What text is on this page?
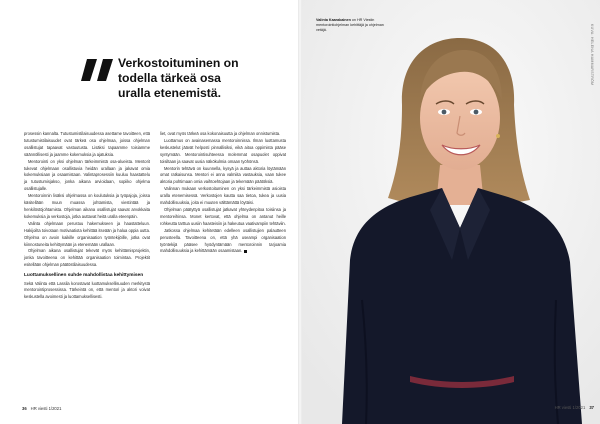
Verkostoituminen on todella tärkeä osa uralla etenemistä.

prosessin kannalta. Tutustumistilaisuudessa asettame tavoitteen, että tutustumistilaisuudet ovat tärkeä osa ohjelmaa, joissa ohjelman osallistujat tapaavat vastuutusta. Lisäksi tapaamme toisiamme säännöllisesti ja jaamme kokemuksia ja ajatuksia.

Mentorointi on yksi ohjelman tärkeimmistä osa-alueista. Mentorit tukevat ohjelmaan osallistuvia heidän urallaan ja jakavat omia kokemuksiaan ja osaamistaan. Valintaprosessiin kuuluu haastattelu ja tutustumisjakso, jonka aikana arvioidaan, sopiiko ohjelma osallistujalle.

Mentoroinnin lisäksi ohjelmassa on koulutuksia ja työpajoja, joissa käsitellään muun muassa johtamista, viestintää ja henkilöstöjohtamista. Ohjelman aikana osallistujat saavat arvokkaita kokemuksia ja verkostoja, jotka auttavat heitä uralla eteenpäin.

Valinta ohjelmaan perustuu hakemukseen ja haastatteluun. Hakijoilta toivotaan motivaatiota kehittää itseään ja halua oppia uutta. Ohjelma on avoin kaikille organisaation työntekijöille, jotka ovat kiinnostuneita kehittymään ja etenemään urallaan.

Ohjelman aikana osallistujat tekevät myös kehittämisprojektin, jonka tavoitteena on kehittää organisaation toimintaa. Projektit esitellään ohjelman päätöstilaisuudessa.

Luottamuksellinen suhde mahdollistaa kehittymisen

Sekä Valinta että Lassila korostavat luottamuksellisuuden merkitystä mentorointiprosessissa. Tärkeintä on, että mentori ja aktori voivat keskustella avoimesti ja luottamuksellisesti.

liet, ovat myös tärkeä osa kokonaisuutta ja ohjelman onnistumista.

Luottamus on avainasemassa mentoroinnissa. Ilman luottamusta keskustelut jäävät helposti pinnallisiksi, eikä aitoa oppimista pääse syntymään. Mentorointisuhteessa molemmat osapuolet oppivat toisiltaan ja saavat uusia näkökulmia omaan työhönsä.

Mentorin tehtävä on kuunnella, kysyä ja auttaa aktoria löytämään omat ratkaisunsa. Mentori ei anna valmiita vastauksia, vaan tukee aktoria pohtimaan omia vaihtoehtojaan ja tekemään päätöksiä.

Valinnan mukaan verkostoituminen on yksi tärkeimmistä asioista uralla etenemisessä. Verkostojen kautta saa tietoa, tukea ja uusia mahdollisuuksia, joita ei muuten välttämättä löytäisi.

Ohjelman päätyttyä osallistujat jatkavat yhteydenpitoa toisiinsa ja mentoreihinsa. Monet kertovat, että ohjelma on antanut heille rohkeutta tarttua uusiin haasteisiin ja hakeutua vaativampiin tehtäviin.

Jatkossa ohjelmaa kehitetään edelleen osallistujien palautteen perusteella. Tavoitteena on, että yhä useampi organisaation työntekijä pääsee hyödyntämään mentoroinnin tarjoamia mahdollisuuksia ja kehittämään osaamistaan.

36 HR viesti 1/2021
Valinta Kaarakainen on HR Viestin mentorointiohjelman kehittäjä ja ohjelman vetäjä.	KUVA: HELENA HAMMARSTRÖM
HR viesti 1/2021 37
